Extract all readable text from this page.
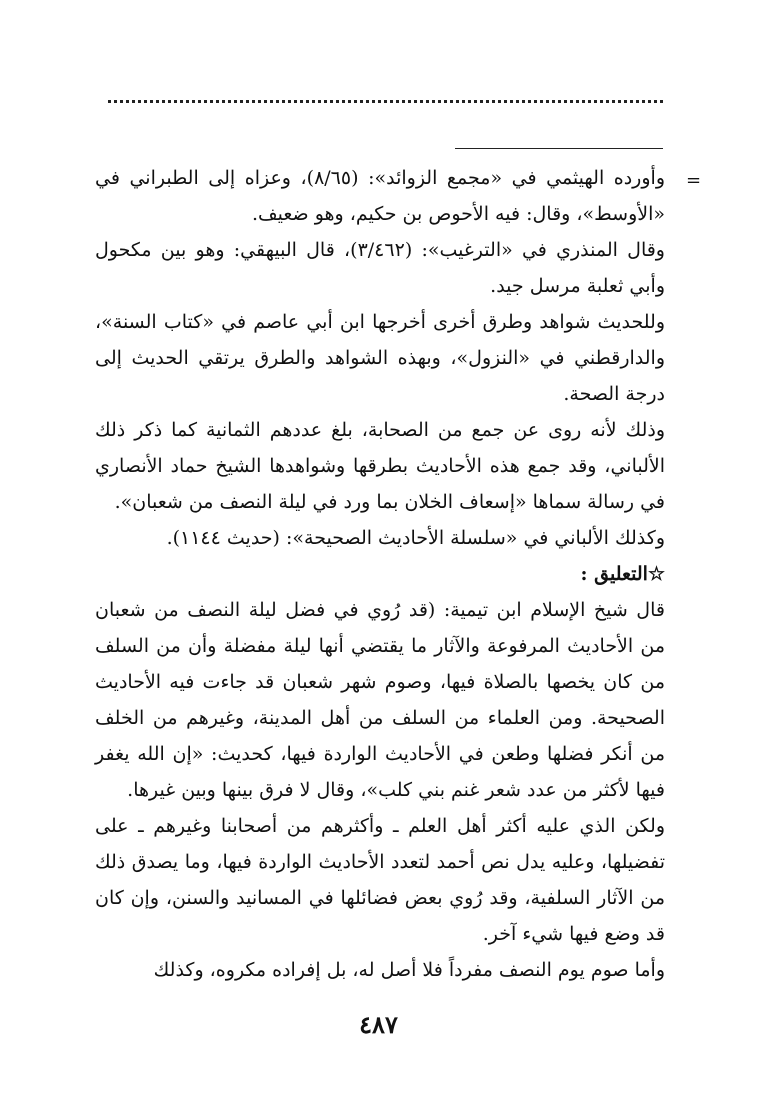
=

وأورده الهيثمي في «مجمع الزوائد»: (٨/٦٥)، وعزاه إلى الطبراني في «الأوسط»، وقال: فيه الأحوص بن حكيم، وهو ضعيف.

وقال المنذري في «الترغيب»: (٣/٤٦٢)، قال البيهقي: وهو بين مكحول وأبي ثعلبة مرسل جيد.

وللحديث شواهد وطرق أخرى أخرجها ابن أبي عاصم في «كتاب السنة»، والدارقطني في «النزول»، وبهذه الشواهد والطرق يرتقي الحديث إلى درجة الصحة.

وذلك لأنه روى عن جمع من الصحابة، بلغ عددهم الثمانية كما ذكر ذلك الألباني، وقد جمع هذه الأحاديث بطرقها وشواهدها الشيخ حماد الأنصاري في رسالة سماها «إسعاف الخلان بما ورد في ليلة النصف من شعبان».

وكذلك الألباني في «سلسلة الأحاديث الصحيحة»: (حديث ١١٤٤).

☆التعليق :

قال شيخ الإسلام ابن تيمية: (قد رُوي في فضل ليلة النصف من شعبان من الأحاديث المرفوعة والآثار ما يقتضي أنها ليلة مفضلة وأن من السلف من كان يخصها بالصلاة فيها، وصوم شهر شعبان قد جاءت فيه الأحاديث الصحيحة. ومن العلماء من السلف من أهل المدينة، وغيرهم من الخلف من أنكر فضلها وطعن في الأحاديث الواردة فيها، كحديث: «إن الله يغفر فيها لأكثر من عدد شعر غنم بني كلب»، وقال لا فرق بينها وبين غيرها.

ولكن الذي عليه أكثر أهل العلم ـ وأكثرهم من أصحابنا وغيرهم ـ على تفضيلها، وعليه يدل نص أحمد لتعدد الأحاديث الواردة فيها، وما يصدق ذلك من الآثار السلفية، وقد رُوي بعض فضائلها في المسانيد والسنن، وإن كان قد وضع فيها شيء آخر.

وأما صوم يوم النصف مفرداً فلا أصل له، بل إفراده مكروه، وكذلك

٤٨٧
